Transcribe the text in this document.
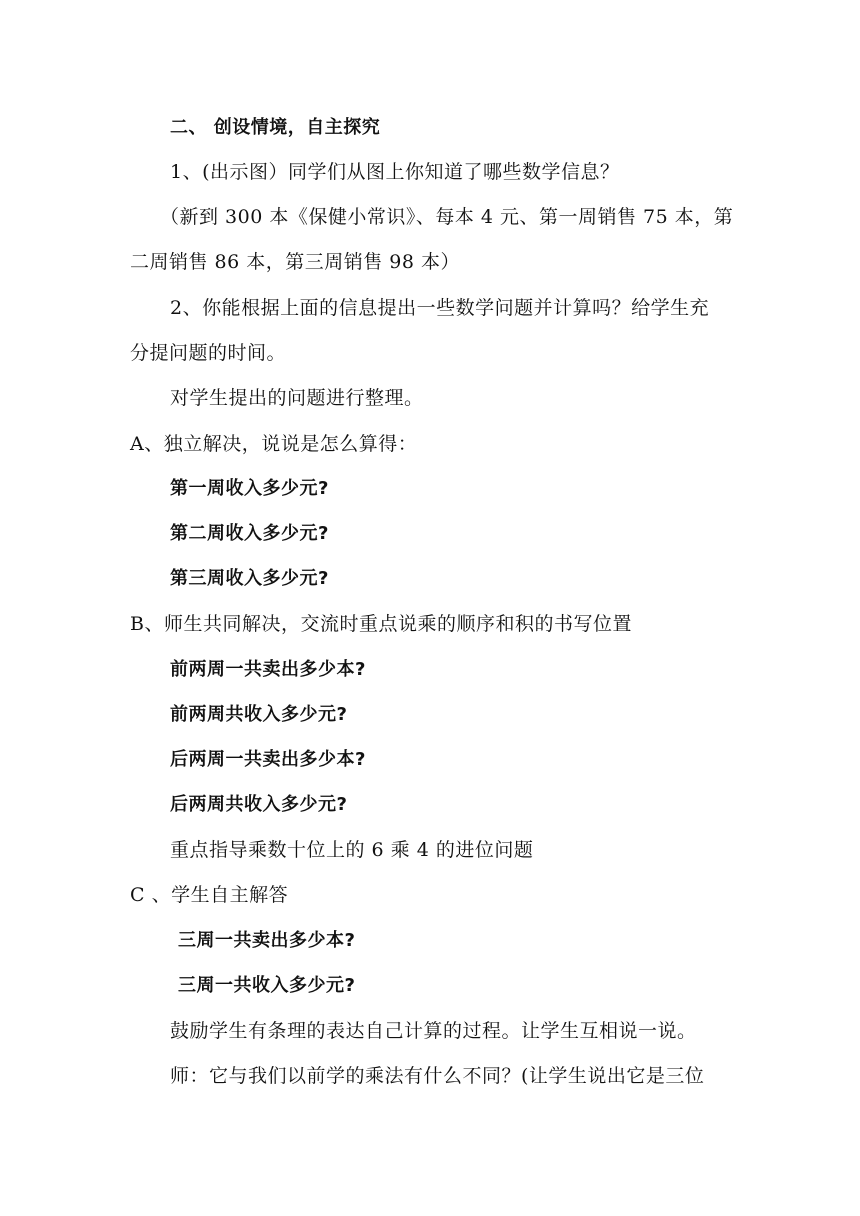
二、 创设情境，自主探究
1、(出示图）同学们从图上你知道了哪些数学信息？
（新到 300 本《保健小常识》、每本 4 元、第一周销售 75 本，第
二周销售 86 本，第三周销售 98 本）
2、你能根据上面的信息提出一些数学问题并计算吗？给学生充
分提问题的时间。
对学生提出的问题进行整理。
A、独立解决，说说是怎么算得：
第一周收入多少元?
第二周收入多少元?
第三周收入多少元?
B、师生共同解决，交流时重点说乘的顺序和积的书写位置
前两周一共卖出多少本?
前两周共收入多少元?
后两周一共卖出多少本?
后两周共收入多少元?
重点指导乘数十位上的 6 乘 4 的进位问题
C 、学生自主解答
三周一共卖出多少本?
三周一共收入多少元?
鼓励学生有条理的表达自己计算的过程。让学生互相说一说。
师：它与我们以前学的乘法有什么不同？(让学生说出它是三位
